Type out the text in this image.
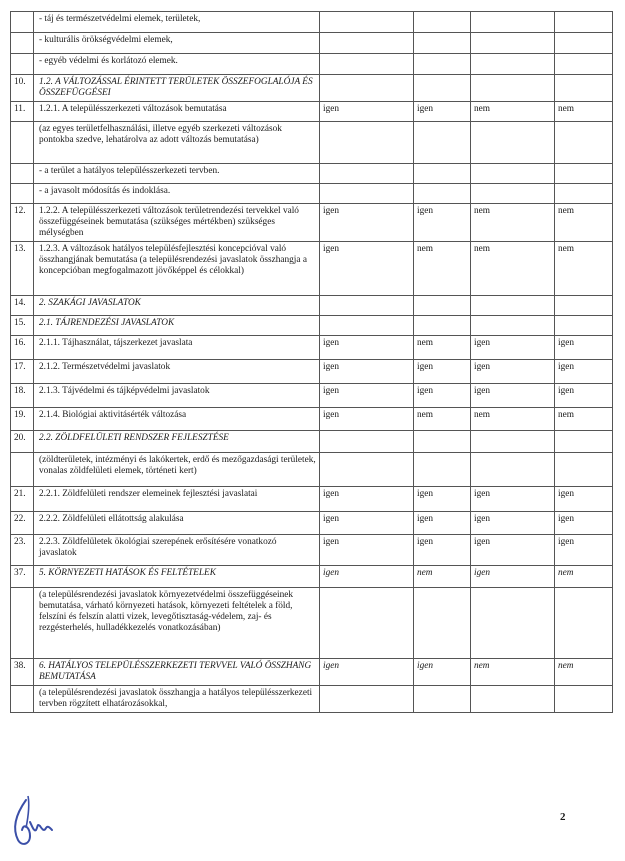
	- táj és természetvédelmi elemek, területek,				
	- kulturális örökségvédelmi elemek,				
	- egyéb védelmi és korlátozó elemek.				
10.	1.2. A VÁLTOZÁSSAL ÉRINTETT TERÜLETEK ÖSSZEFOGLALÓJA ÉS ÖSSZEFÜGGÉSEI				
11.	1.2.1. A településszerkezeti változások bemutatása	igen	igen	nem	nem
	(az egyes területfelhasználási, illetve egyéb szerkezeti változások pontokba szedve, lehatárolva az adott változás bemutatása)				
	- a terület a hatályos településszerkezeti tervben.				
	- a javasolt módosítás és indoklása.				
12.	1.2.2. A településszerkezeti változások területrendezési tervekkel való összefüggéseinek bemutatása (szükséges mértékben) szükséges mélységben	igen	igen	nem	nem
13.	1.2.3. A változások hatályos településfejlesztési koncepcióval való összhangjának bemutatása (a településrendezési javaslatok összhangja a koncepcióban megfogalmazott jövőképpel és célokkal)	igen	nem	nem	nem
14.	2. SZAKÁGI JAVASLATOK				
15.	2.1. TÁJRENDEZÉSI JAVASLATOK				
16.	2.1.1. Tájhasználat, tájszerkezet javaslata	igen	nem	igen	igen
17.	2.1.2. Természetvédelmi javaslatok	igen	igen	igen	igen
18.	2.1.3. Tájvédelmi és tájképvédelmi javaslatok	igen	igen	igen	igen
19.	2.1.4. Biológiai aktivitásérték változása	igen	nem	nem	nem
20.	2.2. ZÖLDFELÜLETI RENDSZER FEJLESZTÉSE				
	(zöldterületek, intézményi és lakókertek, erdő és mezőgazdasági területek, vonalas zöldfelületi elemek, történeti kert)				
21.	2.2.1. Zöldfelületi rendszer elemeinek fejlesztési javaslatai	igen	igen	igen	igen
22.	2.2.2. Zöldfelületi ellátottság alakulása	igen	igen	igen	igen
23.	2.2.3. Zöldfelületek ökológiai szerepének erősítésére vonatkozó javaslatok	igen	igen	igen	igen
37.	5. KÖRNYEZETI HATÁSOK ÉS FELTÉTELEK	igen	nem	igen	nem
	(a településrendezési javaslatok környezetvédelmi összefüggéseinek bemutatása, várható környezeti hatások, környezeti feltételek a föld, felszíni és felszín alatti vizek, levegőtisztaság-védelem, zaj- és rezgésterhelés, hulladékkezelés vonatkozásában)				
38.	6. HATÁLYOS TELEPÜLÉSSZERKEZETI TERVVEL VALÓ ÖSSZHANG BEMUTATÁSA	igen	igen	nem	nem
	(a településrendezési javaslatok összhangja a hatályos településszerkezeti tervben rögzített elhatározásokkal,				
2
